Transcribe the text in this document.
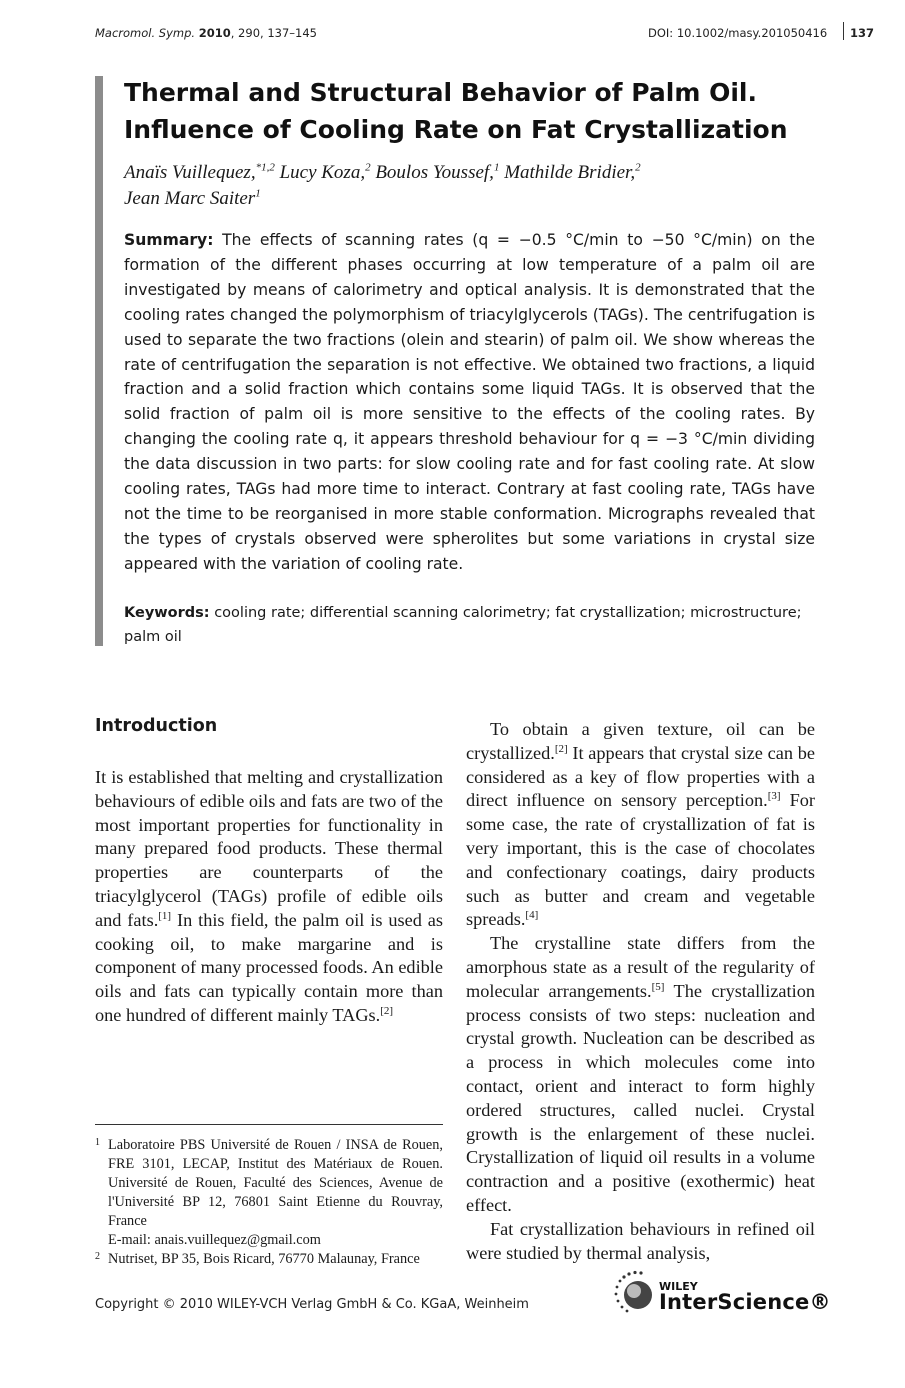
Macromol. Symp. 2010, 290, 137–145	DOI: 10.1002/masy.201050416 137
Thermal and Structural Behavior of Palm Oil.
Influence of Cooling Rate on Fat Crystallization
Anaïs Vuillequez,$^{*1,2}$ Lucy Koza,$^2$ Boulos Youssef,$^1$ Mathilde Bridier,$^2$
Jean Marc Saiter$^1$
Summary: The effects of scanning rates (q = −0.5 °C/min to −50 °C/min) on the formation of the different phases occurring at low temperature of a palm oil are investigated by means of calorimetry and optical analysis. It is demonstrated that the cooling rates changed the polymorphism of triacylglycerols (TAGs). The centrifugation is used to separate the two fractions (olein and stearin) of palm oil. We show whereas the rate of centrifugation the separation is not effective. We obtained two fractions, a liquid fraction and a solid fraction which contains some liquid TAGs. It is observed that the solid fraction of palm oil is more sensitive to the effects of the cooling rates. By changing the cooling rate q, it appears threshold behaviour for q = −3 °C/min dividing the data discussion in two parts: for slow cooling rate and for fast cooling rate. At slow cooling rates, TAGs had more time to interact. Contrary at fast cooling rate, TAGs have not the time to be reorganised in more stable conformation. Micrographs revealed that the types of crystals observed were spherolites but some variations in crystal size appeared with the variation of cooling rate.
Keywords: cooling rate; differential scanning calorimetry; fat crystallization; microstructure; palm oil
Introduction

It is established that melting and crystallization behaviours of edible oils and fats are two of the most important properties for functionality in many prepared food products. These thermal properties are counterparts of the triacylglycerol (TAGs) profile of edible oils and fats.[1] In this field, the palm oil is used as cooking oil, to make margarine and is component of many processed foods. An edible oils and fats can typically contain more than one hundred of different mainly TAGs.[2]

To obtain a given texture, oil can be crystallized.[2] It appears that crystal size can be considered as a key of flow properties with a direct influence on sensory perception.[3] For some case, the rate of crystallization of fat is very important, this is the case of chocolates and confectionary coatings, dairy products such as butter and cream and vegetable spreads.[4]

The crystalline state differs from the amorphous state as a result of the regularity of molecular arrangements.[5] The crystallization process consists of two steps: nucleation and crystal growth. Nucleation can be described as a process in which molecules come into contact, orient and interact to form highly ordered structures, called nuclei. Crystal growth is the enlargement of these nuclei. Crystallization of liquid oil results in a volume contraction and a positive (exothermic) heat effect.

Fat crystallization behaviours in refined oil were studied by thermal analysis,

1 Laboratoire PBS Université de Rouen / INSA de Rouen, FRE 3101, LECAP, Institut des Matériaux de Rouen. Université de Rouen, Faculté des Sciences, Avenue de l'Université BP 12, 76801 Saint Etienne du Rouvray, France
E-mail: anais.vuillequez@gmail.com
2 Nutriset, BP 35, Bois Ricard, 76770 Malaunay, France
Copyright © 2010 WILEY-VCH Verlag GmbH & Co. KGaA, Weinheim
WILEY
InterScience®
